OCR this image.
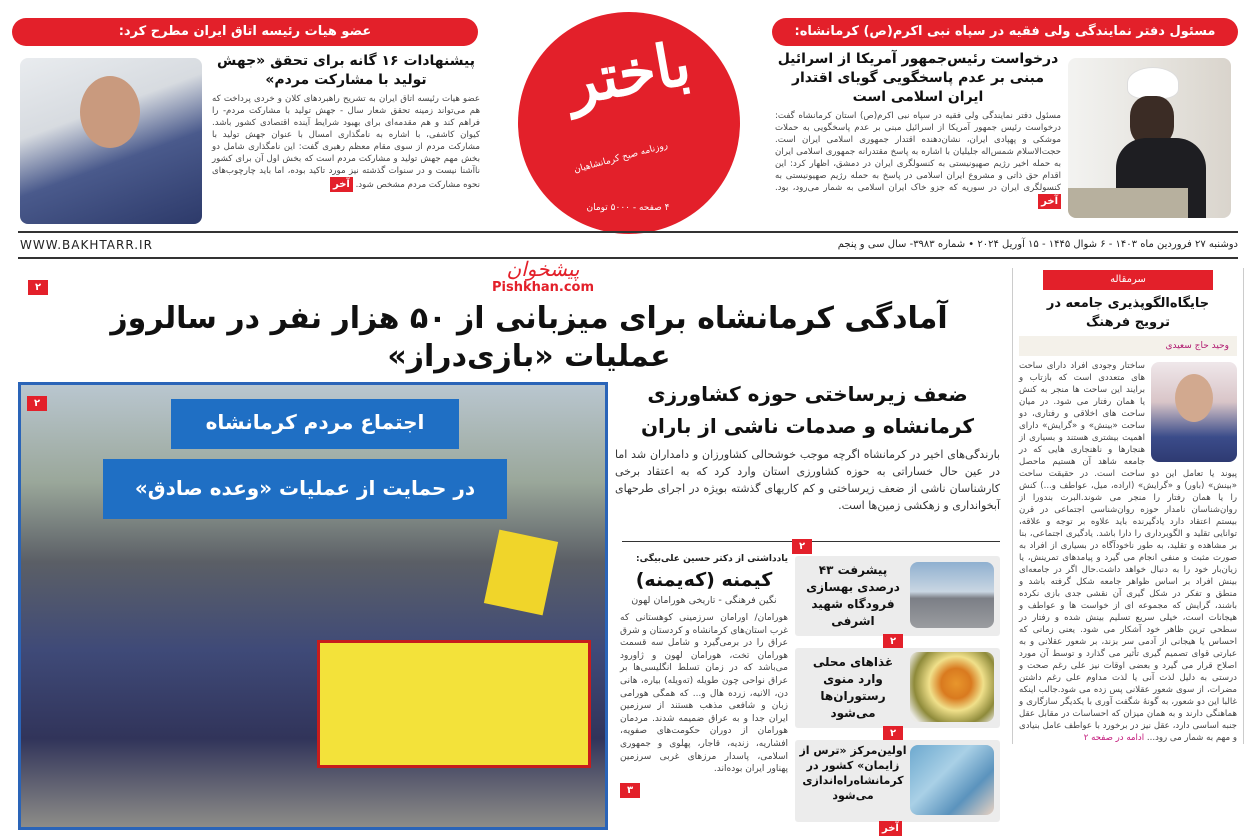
عضو هیات رئیسه اتاق ایران مطرح کرد:	مسئول دفتر نمایندگی ولی فقیه در سپاه نبی اکرم(ص) کرمانشاه:
پیشنهادات ۱۶ گانه برای تحقق «جهش تولید با مشارکت مردم»
عضو هیات رئیسه اتاق ایران به تشریح راهبردهای کلان و خردی پرداخت که هم می‌تواند زمینه تحقق شعار سال - جهش تولید با مشارکت مردم- را فراهم کند و هم مقدمه‌ای برای بهبود شرایط آینده اقتصادی کشور باشد. کیوان کاشفی، با اشاره به نامگذاری امسال با عنوان جهش تولید با مشارکت مردم از سوی مقام معظم رهبری گفت: این نامگذاری شامل دو بخش مهم جهش تولید و مشارکت مردم است که بخش اول آن برای کشور ناآشنا نیست و در سنوات گذشته نیز مورد تاکید بوده، اما باید چارچوب‌های نحوه مشارکت مردم مشخص شود. آخر
باختر
روزنامه صبح کرمانشاهیان
۴ صفحه - ۵۰۰۰ تومان
درخواست رئیس‌جمهور آمریکا از اسرائیل مبنی بر عدم پاسخگویی گویای اقتدار ایران اسلامی است
مسئول دفتر نمایندگی ولی فقیه در سپاه نبی اکرم(ص) استان کرمانشاه گفت: درخواست رئیس جمهور آمریکا از اسرائیل مبنی بر عدم پاسخگویی به حملات موشکی و پهپادی ایران، نشان‌دهنده اقتدار جمهوری اسلامی ایران است. حجت‌الاسلام شمس‌اله جلیلیان با اشاره به پاسخ مقتدرانه جمهوری اسلامی ایران به حمله اخیر رژیم صهیونیستی به کنسولگری ایران در دمشق، اظهار کرد: این اقدام حق ذاتی و مشروع ایران اسلامی در پاسخ به حمله رژیم صهیونیستی به کنسولگری ایران در سوریه که جزو خاک ایران اسلامی به شمار می‌رود، بود. آخر
WWW.BAKHTARR.IR	دوشنبه ۲۷ فروردین ماه ۱۴۰۳ - ۶ شوال ۱۴۴۵ - ۱۵ آوریل ۲۰۲۴ • شماره ۳۹۸۳- سال سی و پنجم
پیشخوان
Pishkhan.com
۲
آمادگی کرمانشاه برای میزبانی از ۵۰ هزار نفر در سالروز عملیات «بازی‌دراز»
اجتماع مردم کرمانشاه
در حمایت از عملیات «وعده صادق»
۲	ضعف زیرساختی حوزه کشاورزی کرمانشاه و صدمات ناشی از باران
بارندگی‌های اخیر در کرمانشاه اگرچه موجب خوشحالی کشاورزان و دامداران شد اما در عین حال خساراتی به حوزه کشاورزی استان وارد کرد که به اعتقاد برخی کارشناسان ناشی از ضعف زیرساختی و کم کاریهای گذشته بویژه در اجرای طرحهای آبخوانداری و زهکشی زمین‌ها است.
۲
یادداشتی از دکتر حسین علی‌بیگی:
کیمنه (که‌یمنه)
نگین فرهنگی - تاریخی هورامان لهون
هورامان/ اورامان سرزمینی کوهستانی که غرب استان‌های کرمانشاه و کردستان و شرق عراق را در برمی‌گیرد و شامل سه قسمت هورامان تخت، هورامان لهون و ژاورود می‌باشد که در زمان تسلط انگلیسی‌ها بر عراق نواحی چون طویله (تەویلە) بیاره، هانی دن، الانیه، زرده هال و... که همگی هورامی زبان و شافعی مذهب هستند از سرزمین ایران جدا و به عراق ضمیمه شدند. مردمان هورامان از دوران حکومت‌های صفویه، افشاریه، زندیه، قاجار، پهلوی و جمهوری اسلامی، پاسدار مرزهای غربی سرزمین پهناور ایران بوده‌اند.
۳
پیشرفت ۴۳ درصدی بهسازی فرودگاه شهید اشرفی
۲
غذاهای محلی وارد منوی رستوران‌ها می‌شود
۲
اولین‌مرکز «ترس از زایمان» کشور در کرمانشاه‌راه‌اندازی می‌شود
آخر
سرمقاله
جایگاه‌الگوپذیری جامعه در ترویج فرهنگ
وحید حاج سعیدی
ساختار وجودی افراد دارای ساحت های متعددی است که بازتاب و برایند این ساحت ها منجر به کنش یا همان رفتار می شود. در میان ساحت های اخلاقی و رفتاری، دو ساحت «بینش» و «گرایش» دارای اهمیت بیشتری هستند و بسیاری از هنجارها و ناهنجاری هایی که در جامعه شاهد آن هستیم ماحصل پیوند یا تعامل این دو ساحت است. در حقیقت ساحت «بینش» (باور) و «گرایش» (اراده، میل، عواطف و...) کنش را یا همان رفتار را منجر می شوند.البرت بندورا از روان‌شناسان نامدار حوزه روان‌شناسی اجتماعی در قرن بیستم اعتقاد دارد یادگیرنده باید علاوه بر توجه و علاقه، توانایی تقلید و الگوبرداری را دارا باشد. یادگیری اجتماعی، بنا بر مشاهده و تقلید، به طور ناخودآگاه در بسیاری از افراد به صورت مثبت و منفی انجام می گیرد و پیامدهای تمرینش، یا زیان‌بار خود را به دنبال خواهد داشت.حال اگر در جامعه‌ای بینش افراد بر اساس ظواهر جامعه شکل گرفته باشد و منطق و تفکر در شکل گیری آن نقشی جدی بازی نکرده باشند، گرایش که مجموعه ای از خواست ها و عواطف و هیجانات است، خیلی سریع تسلیم بینش شده و رفتار در سطحی ترین ظاهر خود آشکار می شود. یعنی زمانی که احساس یا هیجانی از آدمی سر بزند، بر شعور عقلانی و به عبارتی قوای تصمیم گیری تأثیر می گذارد و توسط آن مورد اصلاح قرار می گیرد و بعضی اوقات نیز علی رغم صحت و درستی به دلیل لذت آنی یا لذت مداوم علی رغم داشتن مضرات، از سوی شعور عقلانی پس زده می شود.جالب اینکه غالبا این دو شعور، به گونهٔ شگفت آوری با یکدیگر سازگاری و هماهنگی دارند و به همان میزان که احساسات در مقابل عقل جنبه اساسی دارد، عقل نیز در برخورد با عواطف عامل بنیادی و مهم به شمار می رود... ادامه در صفحه ۲
